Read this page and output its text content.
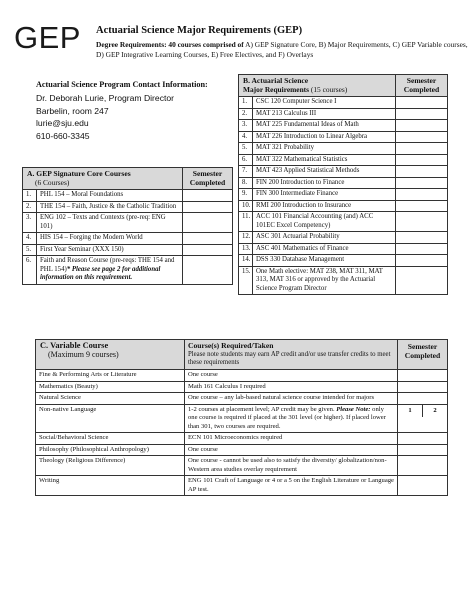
GEP Actuarial Science Major Requirements (GEP)
Degree Requirements: 40 courses comprised of A) GEP Signature Core, B) Major Requirements, C) GEP Variable courses, D) GEP Integrative Learning Courses, E) Free Electives, and F) Overlays
Actuarial Science Program Contact Information:
Dr. Deborah Lurie, Program Director
Barbelin, room 247
lurie@sju.edu
610-660-3345
B. Actuarial Science
Major Requirements (15 courses)		Semester Completed
1.	CSC 120 Computer Science I	
2.	MAT 213 Calculus III	
3.	MAT 225 Fundamental Ideas of Math	
4.	MAT 226 Introduction to Linear Algebra	
5.	MAT 321 Probability	
6.	MAT 322 Mathematical Statistics	
7.	MAT 423 Applied Statistical Methods	
8.	FIN 200 Introduction to Finance	
9.	FIN 300 Intermediate Finance	
10.	RMI 200 Introduction to Insurance	
11.	ACC 101 Financial Accounting (and) ACC 101EC Excel Competency)	
12.	ASC 301 Actuarial Probability	
13.	ASC 401 Mathematics of Finance	
14.	DSS 330 Database Management	
15.	One Math elective: MAT 238, MAT 311, MAT 313, MAT 316 or approved by the Actuarial Science Program Director	
A. GEP Signature Core Courses
(6 Courses)		Semester Completed
1.	PHL 154 – Moral Foundations	
2.	THE 154 – Faith, Justice & the Catholic Tradition	
3.	ENG 102 – Texts and Contexts (pre-req: ENG 101)	
4.	HIS 154 – Forging the Modern World	
5.	First Year Seminar (XXX 150)	
6.	Faith and Reason Course (pre-reqs: THE 154 and PHL 154)* Please see page 2 for additional information on this requirement.	
C. Variable Course
(Maximum 9 courses)

Course(s) Required/Taken
Please note students may earn AP credit and/or use transfer credits to meet these requirements
	Semester Completed
Fine & Performing Arts or Literature	One course	
Mathematics (Beauty)	Math 161 Calculus I required	
Natural Science	One course – any lab-based natural science course intended for majors	
Non-native Language	1-2 courses at placement level; AP credit may be given. Please Note: only one course is required if placed at the 301 level (or higher). If placed lower than 301, two courses are required.	
1	2

Social/Behavioral Science	ECN 101 Microeconomics required	
Philosophy (Philosophical Anthropology)	One course	
Theology (Religious Difference)	One course - cannot be used also to satisfy the diversity/ globalization/non-Western area studies overlay requirement	
Writing	ENG 101 Craft of Language or 4 or a 5 on the English Literature or Language AP test.	
